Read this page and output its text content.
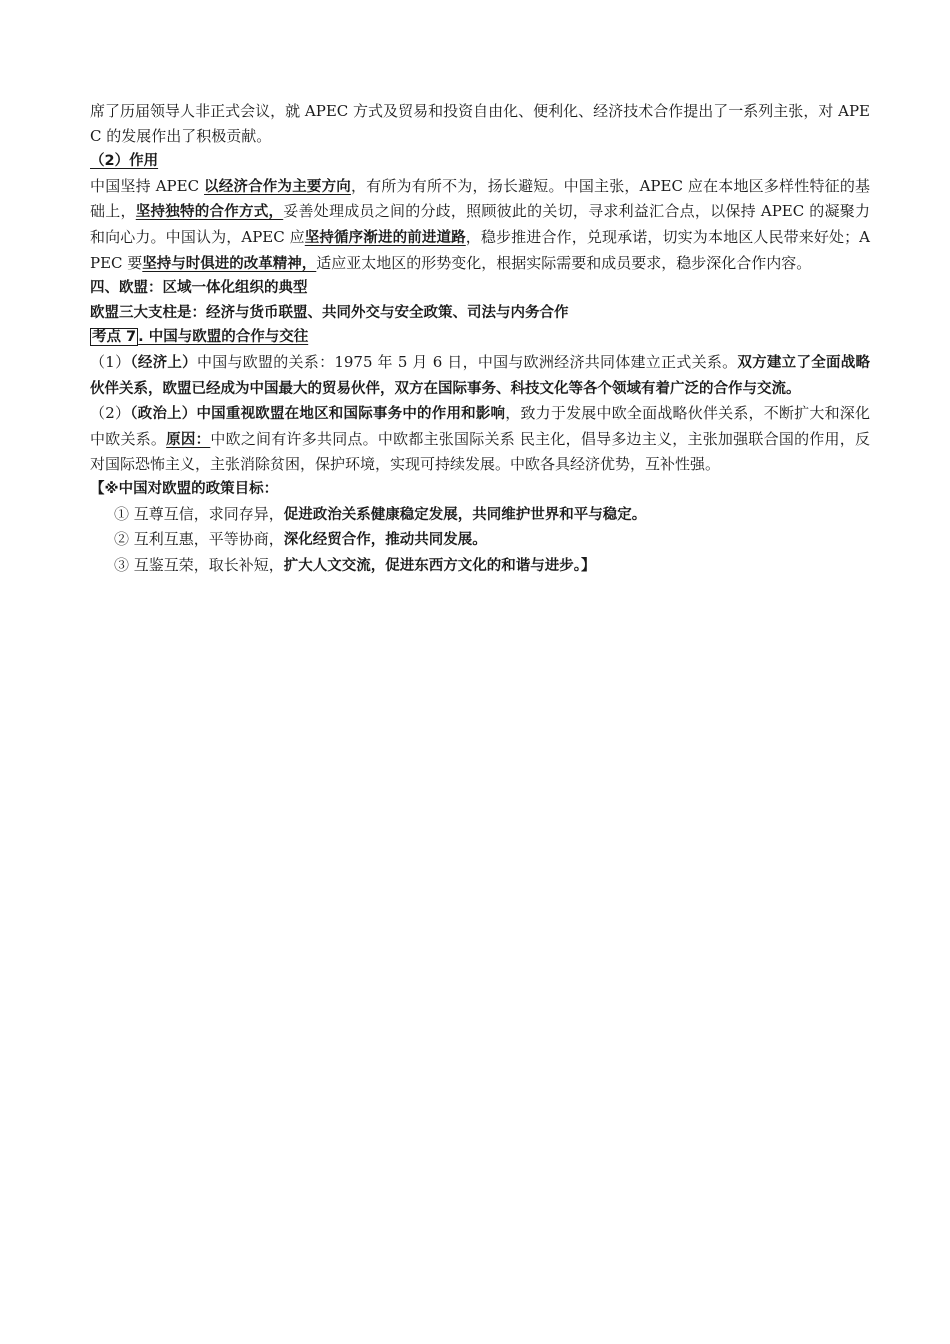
席了历届领导人非正式会议，就 APEC 方式及贸易和投资自由化、便利化、经济技术合作提出了一系列主张，对 APEC 的发展作出了积极贡献。

（2）作用

中国坚持 APEC 以经济合作为主要方向，有所为有所不为，扬长避短。中国主张，APEC 应在本地区多样性特征的基础上，坚持独特的合作方式，妥善处理成员之间的分歧，照顾彼此的关切，寻求利益汇合点，以保持 APEC 的凝聚力和向心力。中国认为，APEC 应坚持循序渐进的前进道路，稳步推进合作，兑现承诺，切实为本地区人民带来好处；APEC 要坚持与时俱进的改革精神，适应亚太地区的形势变化，根据实际需要和成员要求，稳步深化合作内容。

四、欧盟：区域一体化组织的典型

欧盟三大支柱是：经济与货币联盟、共同外交与安全政策、司法与内务合作

考点 7 . 中国与欧盟的合作与交往

（1）（经济上）中国与欧盟的关系：1975 年 5 月 6 日，中国与欧洲经济共同体建立正式关系。双方建立了全面战略伙伴关系，欧盟已经成为中国最大的贸易伙伴，双方在国际事务、科技文化等各个领域有着广泛的合作与交流。

（2）（政治上）中国重视欧盟在地区和国际事务中的作用和影响，致力于发展中欧全面战略伙伴关系，不断扩大和深化中欧关系。原因：中欧之间有许多共同点。中欧都主张国际关系 民主化，倡导多边主义，主张加强联合国的作用，反对国际恐怖主义，主张消除贫困，保护环境，实现可持续发展。中欧各具经济优势，互补性强。

【※中国对欧盟的政策目标：

① 互尊互信，求同存异，促进政治关系健康稳定发展，共同维护世界和平与稳定。

② 互利互惠，平等协商，深化经贸合作，推动共同发展。

③ 互鉴互荣，取长补短，扩大人文交流，促进东西方文化的和谐与进步。】
